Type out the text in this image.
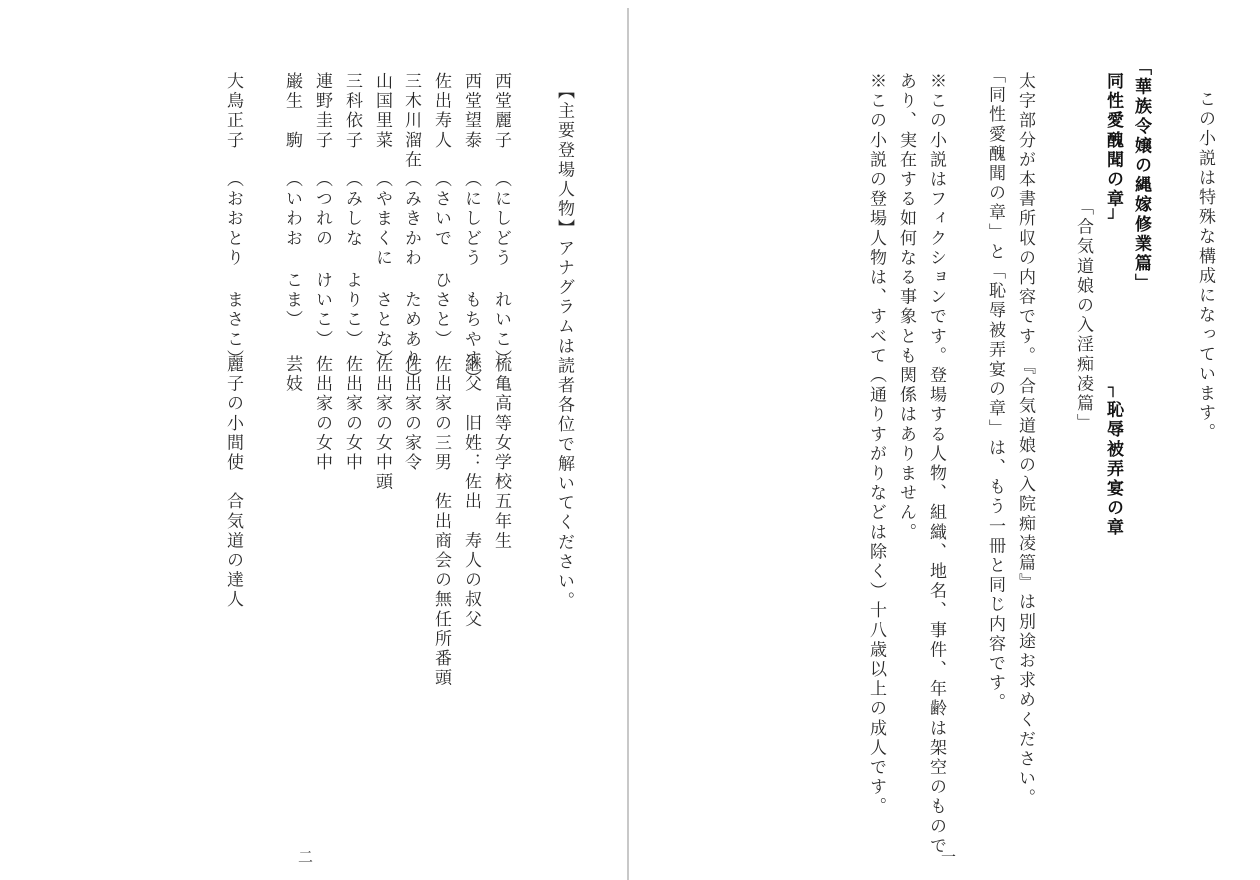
この小説は特殊な構成になっています。
「華族令嬢の縄嫁修業篇」
同性愛醜聞の章┘
┐恥辱被弄宴の章
「合気道娘の入淫痴凌篇」
太字部分が本書所収の内容です。『合気道娘の入院痴凌篇』は別途お求めください。
「同性愛醜聞の章」と「恥辱被弄宴の章」は、もう一冊と同じ内容です。
※この小説はフィクションです。登場する人物、組織、地名、事件、年齢は架空のもので
あり、実在する如何なる事象とも関係はありません。
※この小説の登場人物は、すべて（通りすがりなどは除く）十八歳以上の成人です。
一
【主要登場人物】アナグラムは読者各位で解いてください。
西堂麗子
（にしどう れいこ）
梳亀高等女学校五年生
西堂望泰
（にしどう もちやす）
継父　旧姓：佐出　寿人の叔父
佐出寿人
（さいで ひさと）
佐出家の三男　佐出商会の無任所番頭
三木川溜在
（みきかわ ためあり）
佐出家の家令
山国里菜
（やまくに さとな）
佐出家の女中頭
三科依子
（みしな よりこ）
佐出家の女中
連野圭子
（つれの けいこ）
佐出家の女中
巌生　駒
（いわお こま）
芸妓
大鳥正子
（おおとり まさこ）
麗子の小間使　合気道の達人
二
